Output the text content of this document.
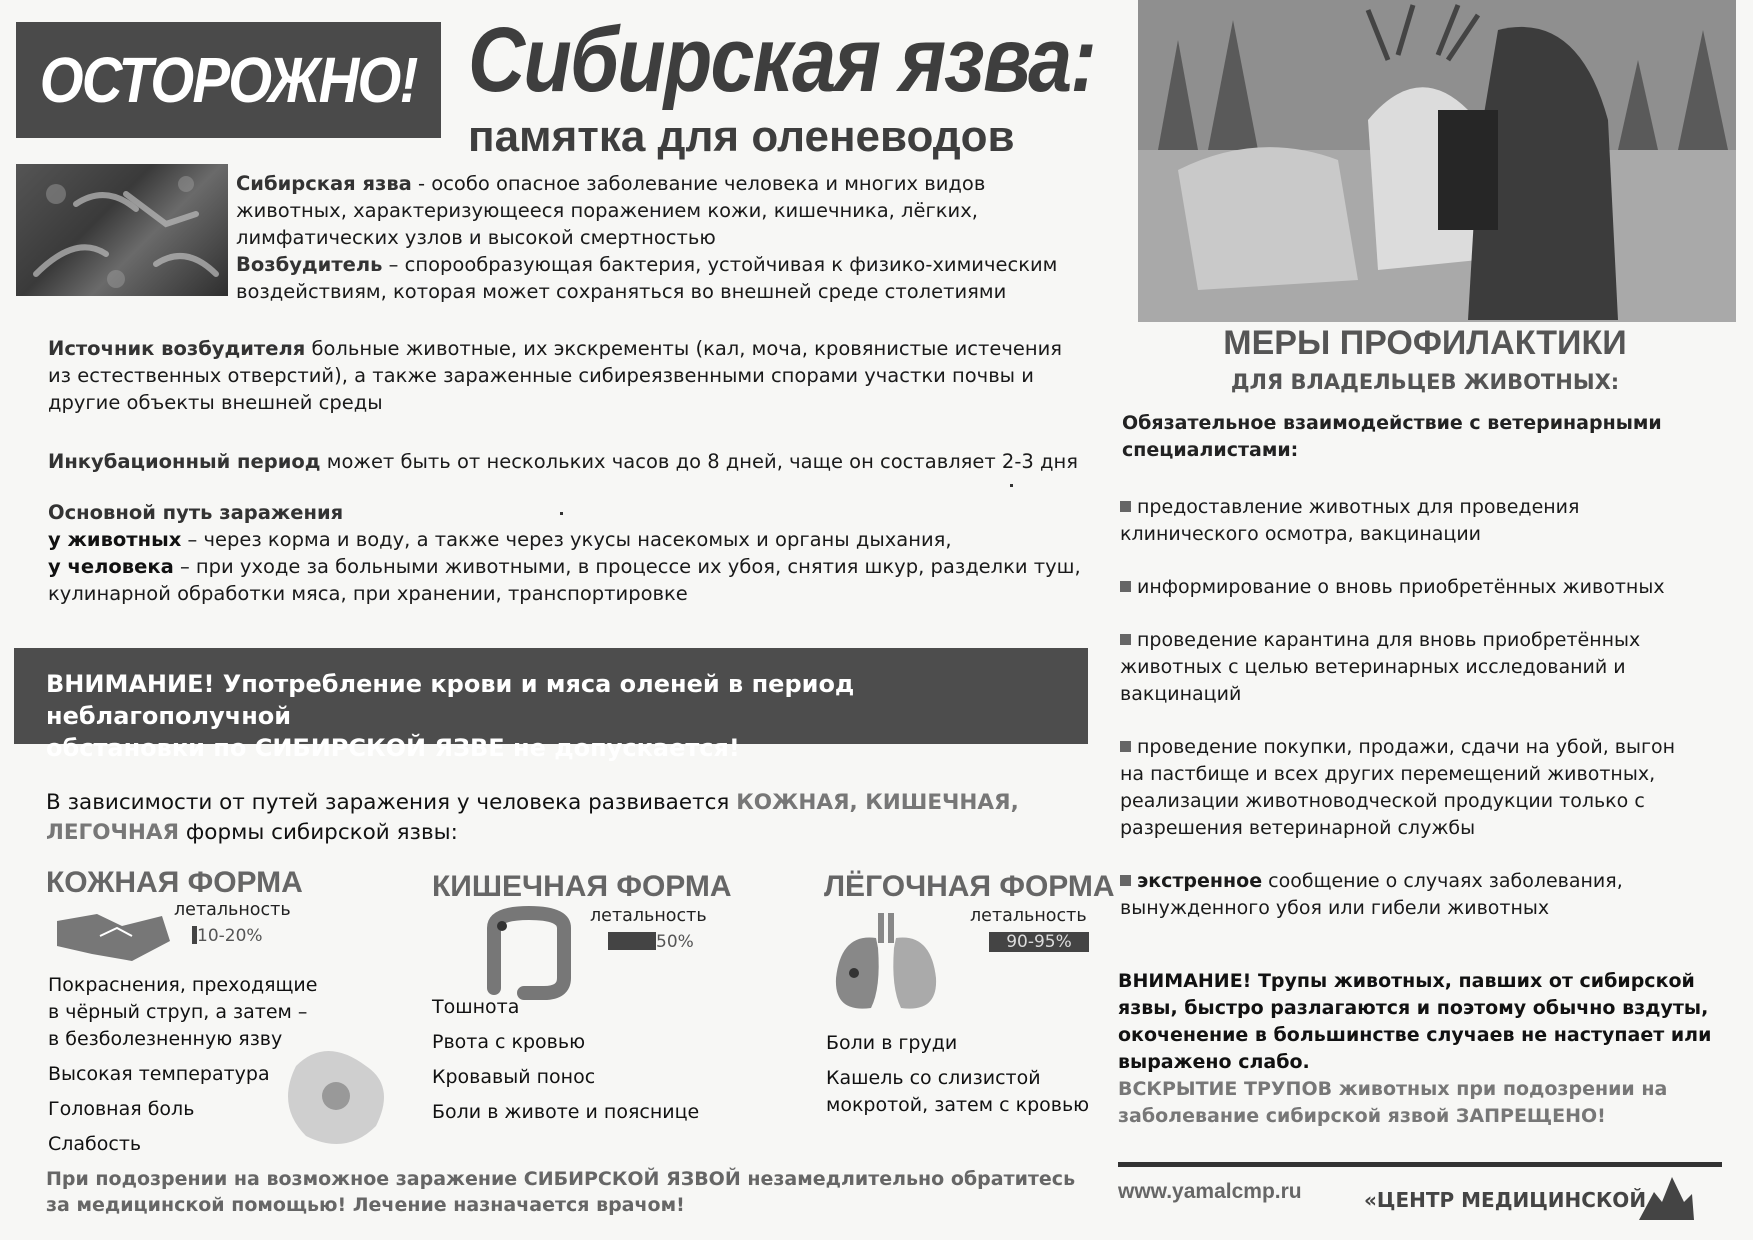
ОСТОРОЖНО! Сибирская язва:
памятка для оленеводов
Сибирская язва - особо опасное заболевание человека и многих видов животных, характеризующееся поражением кожи, кишечника, лёгких, лимфатических узлов и высокой смертностью
Возбудитель – спорообразующая бактерия, устойчивая к физико-химическим воздействиям, которая может сохраняться во внешней среде столетиями
Источник возбудителя больные животные, их экскременты (кал, моча, кровянистые истечения из естественных отверстий), а также зараженные сибиреязвенными спорами участки почвы и другие объекты внешней среды
Инкубационный период может быть от нескольких часов до 8 дней, чаще он составляет 2-3 дня
Основной путь заражения
у животных – через корма и воду, а также через укусы насекомых и органы дыхания,
у человека – при уходе за больными животными, в процессе их убоя, снятия шкур, разделки туш, кулинарной обработки мяса, при хранении, транспортировке
ВНИМАНИЕ! Употребление крови и мяса оленей в период неблагополучной
обстановки по СИБИРСКОЙ ЯЗВЕ не допускается!
В зависимости от путей заражения у человека развивается КОЖНАЯ, КИШЕЧНАЯ,
ЛЕГОЧНАЯ формы сибирской язвы:
КОЖНАЯ ФОРМА
летальность
10-20%
Покраснения, преходящие в чёрный струп, а затем – в безболезненную язву
Высокая температура
Головная боль
Слабость
КИШЕЧНАЯ ФОРМА
летальность
50%
Тошнота
Рвота с кровью
Кровавый понос
Боли в животе и пояснице
ЛЁГОЧНАЯ ФОРМА
летальность
90-95%
Боли в груди
Кашель со слизистой мокротой, затем с кровью
При подозрении на возможное заражение СИБИРСКОЙ ЯЗВОЙ незамедлительно обратитесь
за медицинской помощью! Лечение назначается врачом!
МЕРЫ ПРОФИЛАКТИКИ
ДЛЯ ВЛАДЕЛЬЦЕВ ЖИВОТНЫХ:
Обязательное взаимодействие с ветеринарными специалистами:
предоставление животных для проведения клинического осмотра, вакцинации
информирование о вновь приобретённых животных
проведение карантина для вновь приобретённых животных с целью ветеринарных исследований и вакцинаций
проведение покупки, продажи, сдачи на убой, выгон на пастбище и всех других перемещений животных, реализации животноводческой продукции только с разрешения ветеринарной службы
экстренное сообщение о случаях заболевания, вынужденного убоя или гибели животных
ВНИМАНИЕ! Трупы животных, павших от сибирской язвы, быстро разлагаются и поэтому обычно вздуты, окоченение в большинстве случаев не наступает или выражено слабо.
ВСКРЫТИЕ ТРУПОВ животных при подозрении на заболевание сибирской язвой ЗАПРЕЩЕНО!
www.yamalcmp.ru	«ЦЕНТР МЕДИЦИНСКОЙ
